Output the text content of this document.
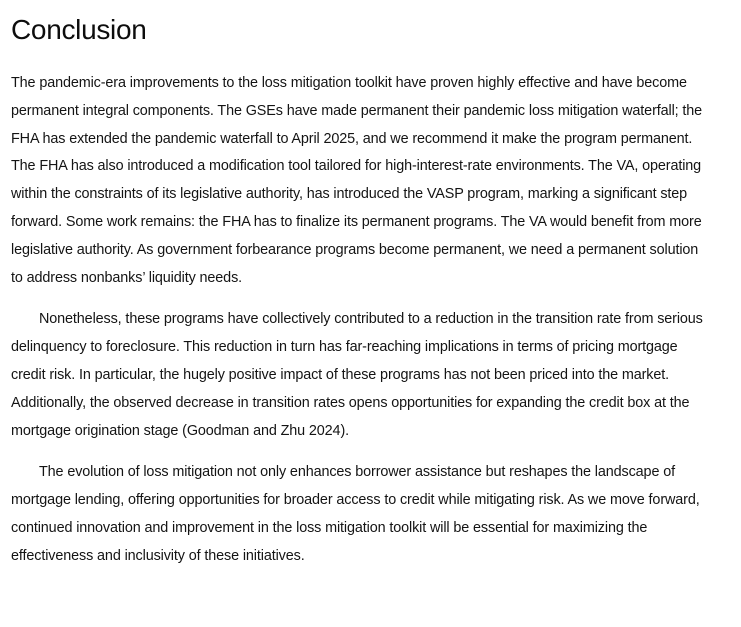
Conclusion

The pandemic-era improvements to the loss mitigation toolkit have proven highly effective and have become permanent integral components. The GSEs have made permanent their pandemic loss mitigation waterfall; the FHA has extended the pandemic waterfall to April 2025, and we recommend it make the program permanent. The FHA has also introduced a modification tool tailored for high-interest-rate environments. The VA, operating within the constraints of its legislative authority, has introduced the VASP program, marking a significant step forward. Some work remains: the FHA has to finalize its permanent programs. The VA would benefit from more legislative authority. As government forbearance programs become permanent, we need a permanent solution to address nonbanks’ liquidity needs.

Nonetheless, these programs have collectively contributed to a reduction in the transition rate from serious delinquency to foreclosure. This reduction in turn has far-reaching implications in terms of pricing mortgage credit risk. In particular, the hugely positive impact of these programs has not been priced into the market. Additionally, the observed decrease in transition rates opens opportunities for expanding the credit box at the mortgage origination stage (Goodman and Zhu 2024).

The evolution of loss mitigation not only enhances borrower assistance but reshapes the landscape of mortgage lending, offering opportunities for broader access to credit while mitigating risk. As we move forward, continued innovation and improvement in the loss mitigation toolkit will be essential for maximizing the effectiveness and inclusivity of these initiatives.
